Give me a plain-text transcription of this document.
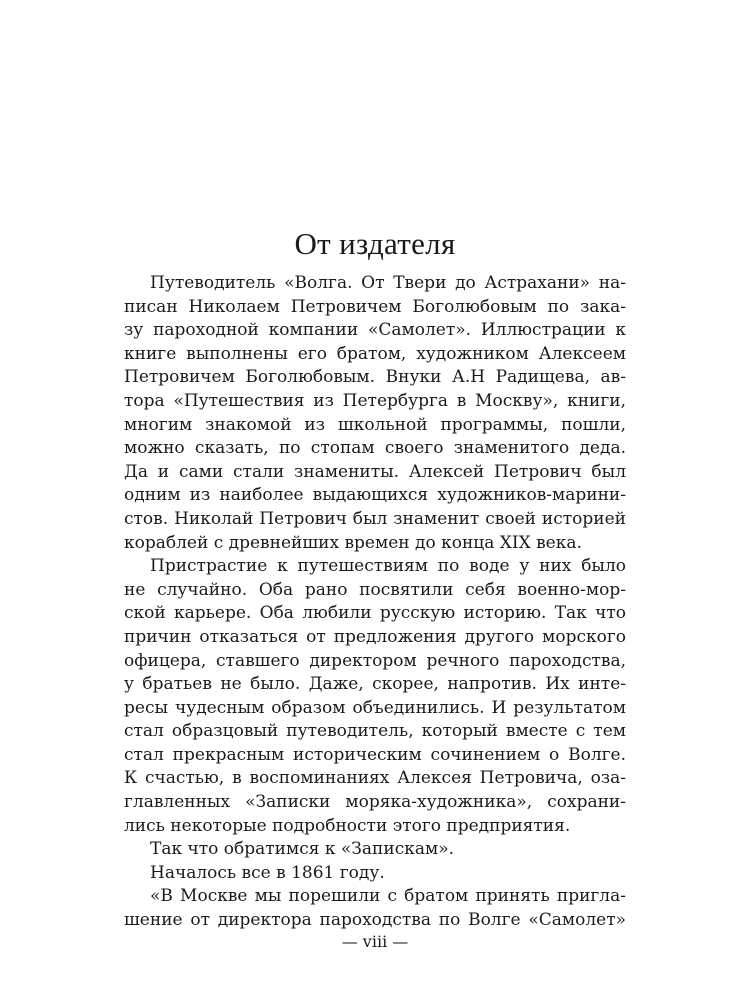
От издателя
Путеводитель «Волга. От Твери до Астрахани» на-
писан Николаем Петровичем Боголюбовым по зака-
зу пароходной компании «Самолет». Иллюстрации к
книге выполнены его братом, художником Алексеем
Петровичем Боголюбовым. Внуки А.Н Радищева, ав-
тора «Путешествия из Петербурга в Москву», книги,
многим знакомой из школьной программы, пошли,
можно сказать, по стопам своего знаменитого деда.
Да и сами стали знамениты. Алексей Петрович был
одним из наиболее выдающихся художников-марини-
стов. Николай Петрович был знаменит своей историей
кораблей с древнейших времен до конца XIX века.
Пристрастие к путешествиям по воде у них было
не случайно. Оба рано посвятили себя военно-мор-
ской карьере. Оба любили русскую историю. Так что
причин отказаться от предложения другого морского
офицера, ставшего директором речного пароходства,
у братьев не было. Даже, скорее, напротив. Их инте-
ресы чудесным образом объединились. И результатом
стал образцовый путеводитель, который вместе с тем
стал прекрасным историческим сочинением о Волге.
К счастью, в воспоминаниях Алексея Петровича, оза-
главленных «Записки моряка-художника», сохрани-
лись некоторые подробности этого предприятия.
Так что обратимся к «Запискам».
Началось все в 1861 году.
«В Москве мы порешили с братом принять пригла-
шение от директора пароходства по Волге «Самолет»
— viii —
